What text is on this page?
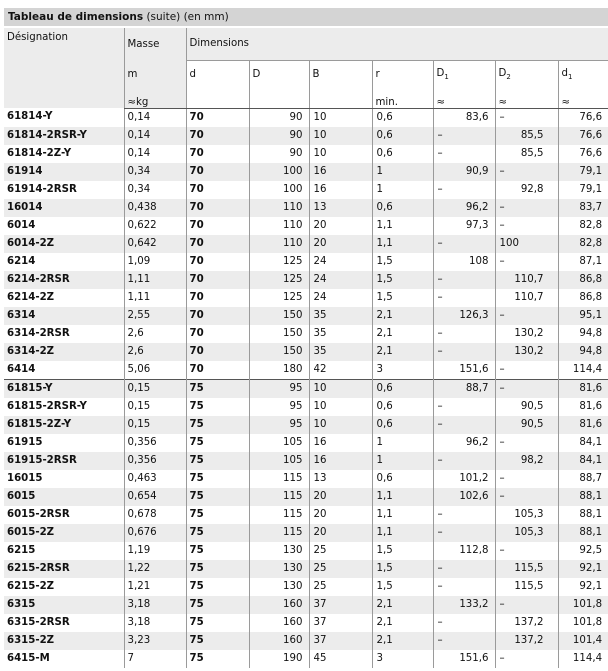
Tableau de dimensions (suite) (en mm)
Désignation	Masse	Dimensions						
	m	d	D	B	r	$D_1$	$D_2$	$d_1$
	≈kg				min.	≈	≈	≈
61814-Y	0,14	70	90	10	0,6	83,6	–	76,6
61814-2RSR-Y	0,14	70	90	10	0,6	–	85,5	76,6
61814-2Z-Y	0,14	70	90	10	0,6	–	85,5	76,6
61914	0,34	70	100	16	1	90,9	–	79,1
61914-2RSR	0,34	70	100	16	1	–	92,8	79,1
16014	0,438	70	110	13	0,6	96,2	–	83,7
6014	0,622	70	110	20	1,1	97,3	–	82,8
6014-2Z	0,642	70	110	20	1,1	–	100	82,8
6214	1,09	70	125	24	1,5	108	–	87,1
6214-2RSR	1,11	70	125	24	1,5	–	110,7	86,8
6214-2Z	1,11	70	125	24	1,5	–	110,7	86,8
6314	2,55	70	150	35	2,1	126,3	–	95,1
6314-2RSR	2,6	70	150	35	2,1	–	130,2	94,8
6314-2Z	2,6	70	150	35	2,1	–	130,2	94,8
6414	5,06	70	180	42	3	151,6	–	114,4
61815-Y	0,15	75	95	10	0,6	88,7	–	81,6
61815-2RSR-Y	0,15	75	95	10	0,6	–	90,5	81,6
61815-2Z-Y	0,15	75	95	10	0,6	–	90,5	81,6
61915	0,356	75	105	16	1	96,2	–	84,1
61915-2RSR	0,356	75	105	16	1	–	98,2	84,1
16015	0,463	75	115	13	0,6	101,2	–	88,7
6015	0,654	75	115	20	1,1	102,6	–	88,1
6015-2RSR	0,678	75	115	20	1,1	–	105,3	88,1
6015-2Z	0,676	75	115	20	1,1	–	105,3	88,1
6215	1,19	75	130	25	1,5	112,8	–	92,5
6215-2RSR	1,22	75	130	25	1,5	–	115,5	92,1
6215-2Z	1,21	75	130	25	1,5	–	115,5	92,1
6315	3,18	75	160	37	2,1	133,2	–	101,8
6315-2RSR	3,18	75	160	37	2,1	–	137,2	101,8
6315-2Z	3,23	75	160	37	2,1	–	137,2	101,4
6415-M	7	75	190	45	3	151,6	–	114,4
